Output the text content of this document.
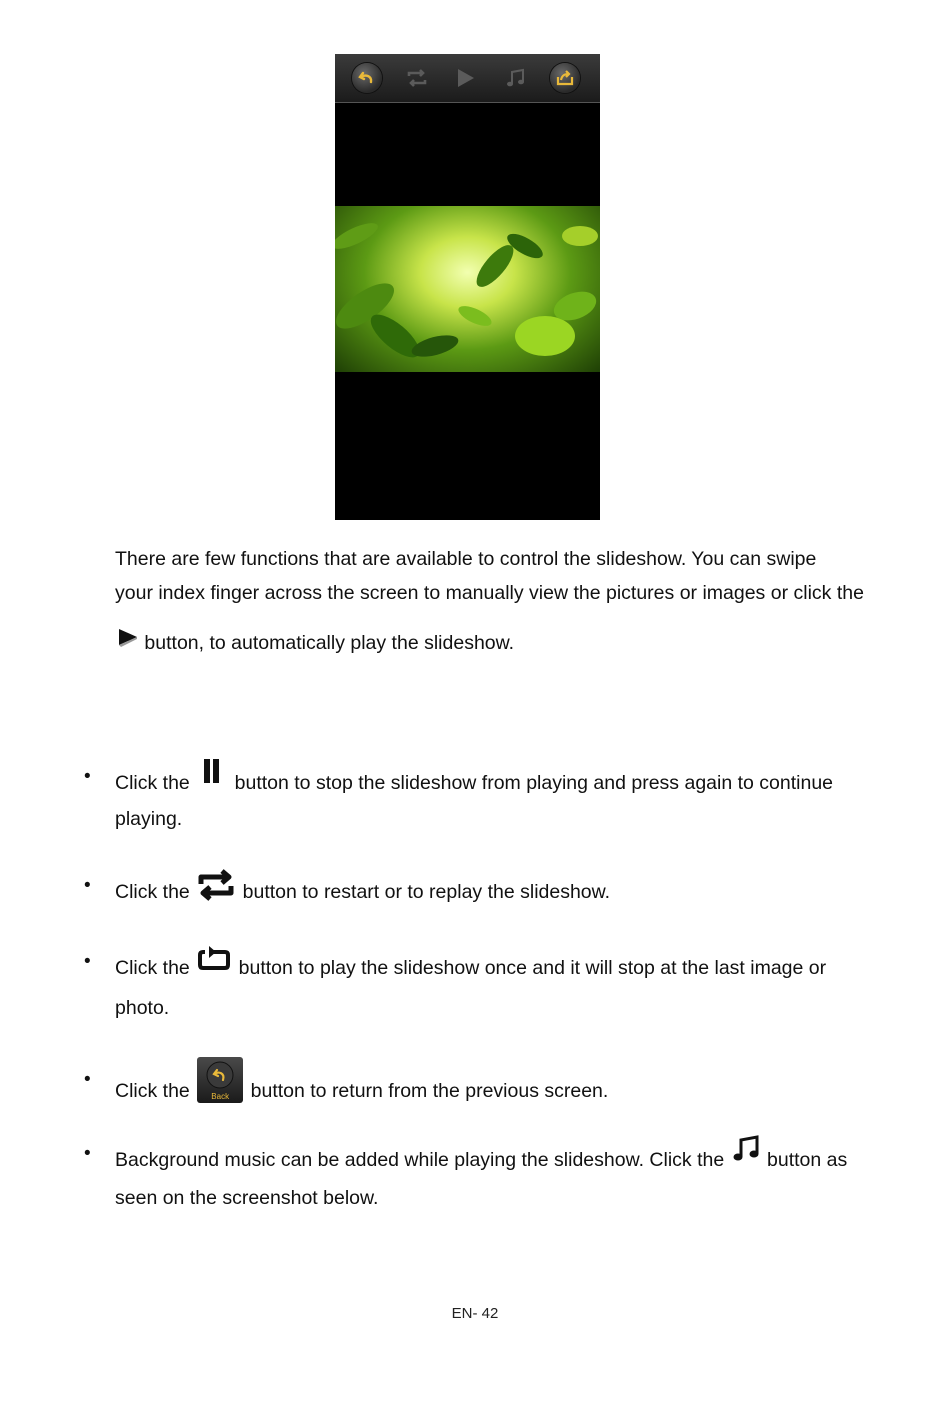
There are few functions that are available to control the slideshow. You can swipe
your index finger across the screen to manually view the pictures or images or click the
button, to automatically play the slideshow.
• Click the button to stop the slideshow from playing and press again to continue
playing.
• Click the	button to restart or to replay the slideshow.
• Click the	button to play the slideshow once and it will stop at the last image or
photo.
•
Click the	Back	button to return from the previous screen.
• Background music can be added while playing the slideshow. Click the button as
seen on the screenshot below.
EN- 42
